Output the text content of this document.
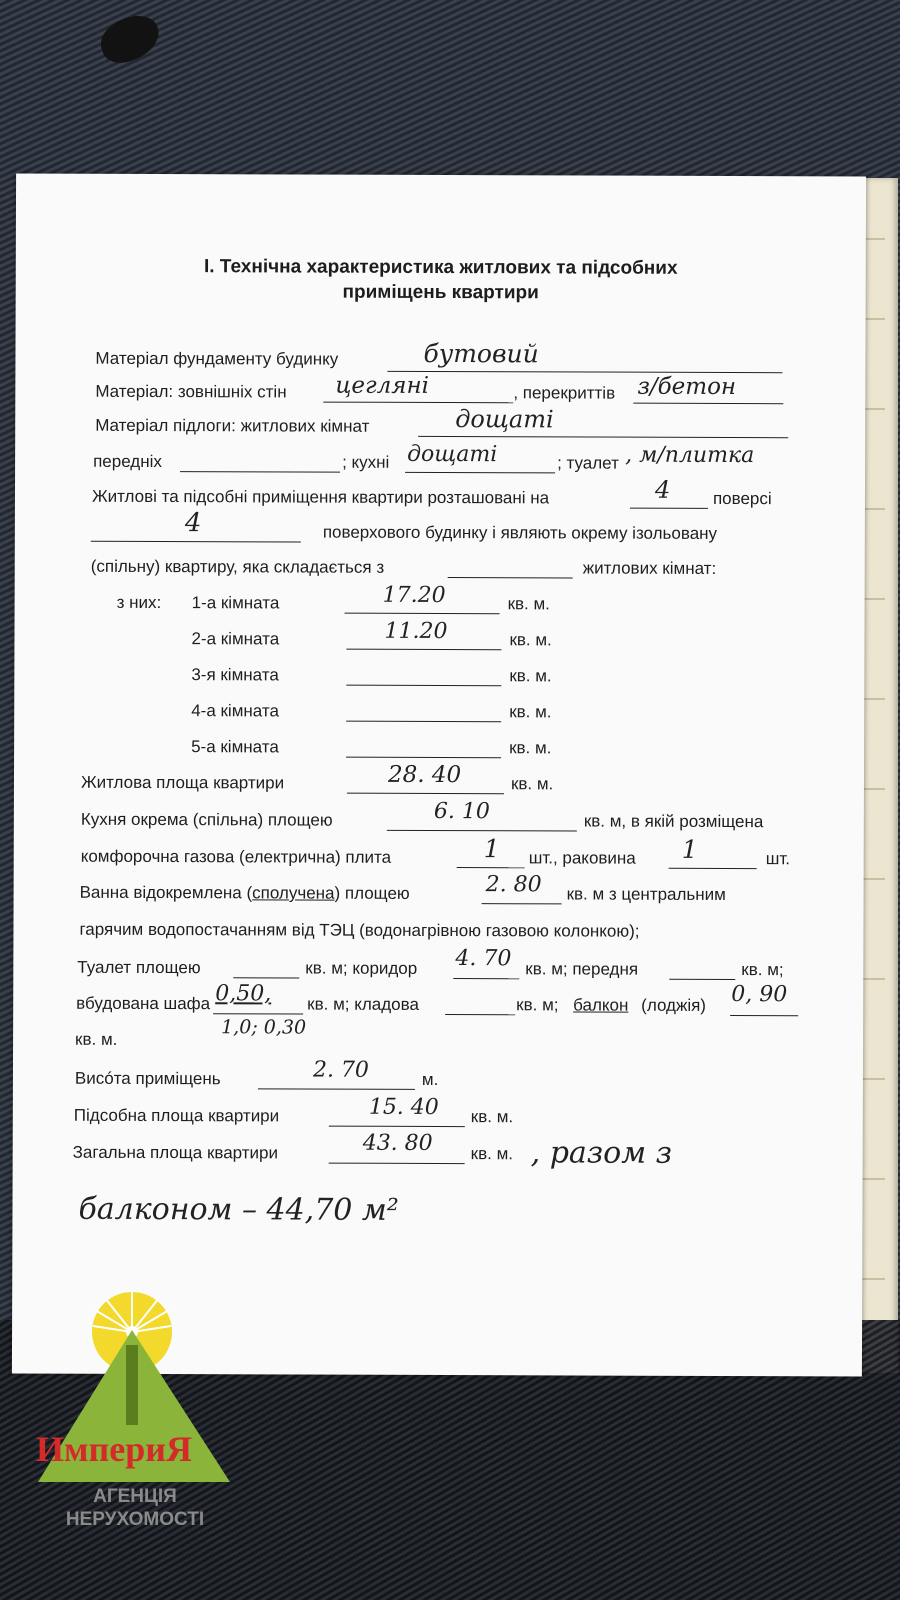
І. Технічна характеристика житлових та підсобних
приміщень квартири
Матеріал фундаменту будинку	бутовий
Матеріал: зовнішніх стін цегляні	, перекриттів з/бетон
Матеріал підлоги: житлових кімнат	дощаті
передніх	; кухні дощаті	; туалет , м/плитка
Житлові та підсобні приміщення квартири розташовані на	4	поверсі
4	поверхового будинку і являють окрему ізольовану
(спільну) квартиру, яка складається з	житлових кімнат:
з них: 1-а кімната	17.20	кв. м.
2-а кімната	11.20	кв. м.
3-я кімната	кв. м.
4-а кімната	кв. м.
5-а кімната	кв. м.
Житлова площа квартири	28. 40	кв. м.
Кухня окрема (спільна) площею	6. 10	кв. м, в якій розміщена
комфорочна газова (електрична) плита	1 шт., раковина 1	шт.
Ванна відокремлена (сполучена) площею	2. 80 кв. м з центральним
гарячим водопостачанням від ТЭЦ (водонагрівною газовою колонкою);
Туалет площею	кв. м; коридор 4. 70 кв. м; передня	кв. м;
вбудована шафа 0,50, кв. м; кладова	кв. м; балкон (лоджія) 0, 90
кв. м.
1,0; 0,30
Висóта приміщень	2. 70	м.
Підсобна площа квартири	15. 40 кв. м.
Загальна площа квартири	43. 80 кв. м. , разом з
балконом – 44,70 м²
ИмпериЯ
АГЕНЦІЯ
НЕРУХОМОСТІ
